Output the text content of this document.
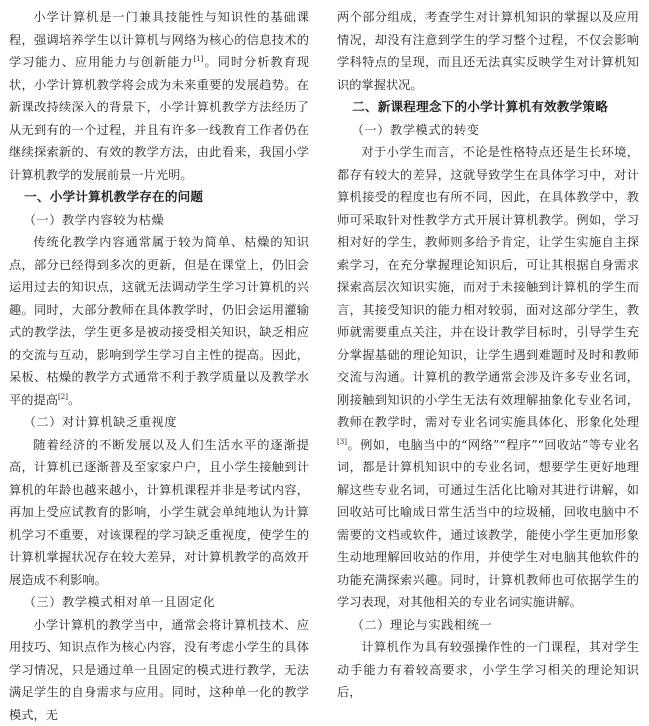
小学计算机是一门兼具技能性与知识性的基础课程，强调培养学生以计算机与网络为核心的信息技术的学习能力、应用能力与创新能力[1]。同时分析教育现状，小学计算机教学将会成为未来重要的发展趋势。在新课改持续深入的背景下，小学计算机教学方法经历了从无到有的一个过程，并且有许多一线教育工作者仍在继续探索新的、有效的教学方法，由此看来，我国小学计算机教学的发展前景一片光明。

一、小学计算机教学存在的问题
（一）教学内容较为枯燥

传统化教学内容通常属于较为简单、枯燥的知识点，部分已经得到多次的更新，但是在课堂上，仍旧会运用过去的知识点，这就无法调动学生学习计算机的兴趣。同时，大部分教师在具体教学时，仍旧会运用灌输式的教学法，学生更多是被动接受相关知识，缺乏相应的交流与互动，影响到学生学习自主性的提高。因此，呆板、枯燥的教学方式通常不利于教学质量以及教学水平的提高[2]。

（二）对计算机缺乏重视度

随着经济的不断发展以及人们生活水平的逐渐提高，计算机已逐渐普及至家家户户，且小学生接触到计算机的年龄也越来越小，计算机课程并非是考试内容，再加上受应试教育的影响，小学生就会单纯地认为计算机学习不重要，对该课程的学习缺乏重视度，使学生的计算机掌握状况存在较大差异，对计算机教学的高效开展造成不利影响。

（三）教学模式相对单一且固定化

小学计算机的教学当中，通常会将计算机技术、应用技巧、知识点作为核心内容，没有考虑小学生的具体学习情况，只是通过单一且固定的模式进行教学，无法满足学生的自身需求与应用。同时，这种单一化的教学模式，无

两个部分组成，考查学生对计算机知识的掌握以及应用情况，却没有注意到学生的学习整个过程，不仅会影响学科特点的呈现，而且还无法真实反映学生对计算机知识的掌握状况。

二、新课程理念下的小学计算机有效教学策略
（一）教学模式的转变

对于小学生而言，不论是性格特点还是生长环境，都存有较大的差异，这就导致学生在具体学习中，对计算机接受的程度也有所不同，因此，在具体教学中，教师可采取针对性教学方式开展计算机教学。例如，学习相对好的学生，教师则多给予肯定，让学生实施自主探索学习，在充分掌握理论知识后，可让其根据自身需求探索高层次知识实施，而对于未接触到计算机的学生而言，其接受知识的能力相对较弱，面对这部分学生，教师就需要重点关注，并在设计教学目标时，引导学生充分掌握基础的理论知识，让学生遇到难题时及时和教师交流与沟通。计算机的教学通常会涉及许多专业名词，刚接触到知识的小学生无法有效理解抽象化专业名词，教师在教学时，需对专业名词实施具体化、形象化处理[3]。例如，电脑当中的“网络”“程序”“回收站”等专业名词，都是计算机知识中的专业名词，想要学生更好地理解这些专业名词，可通过生活化比喻对其进行讲解，如回收站可比喻成日常生活当中的垃圾桶，回收电脑中不需要的文档或软件，通过该教学，能使小学生更加形象生动地理解回收站的作用，并使学生对电脑其他软件的功能充满探索兴趣。同时，计算机教师也可依据学生的学习表现，对其他相关的专业名词实施讲解。

（二）理论与实践相统一

计算机作为具有较强操作性的一门课程，其对学生动手能力有着较高要求，小学生学习相关的理论知识后，
